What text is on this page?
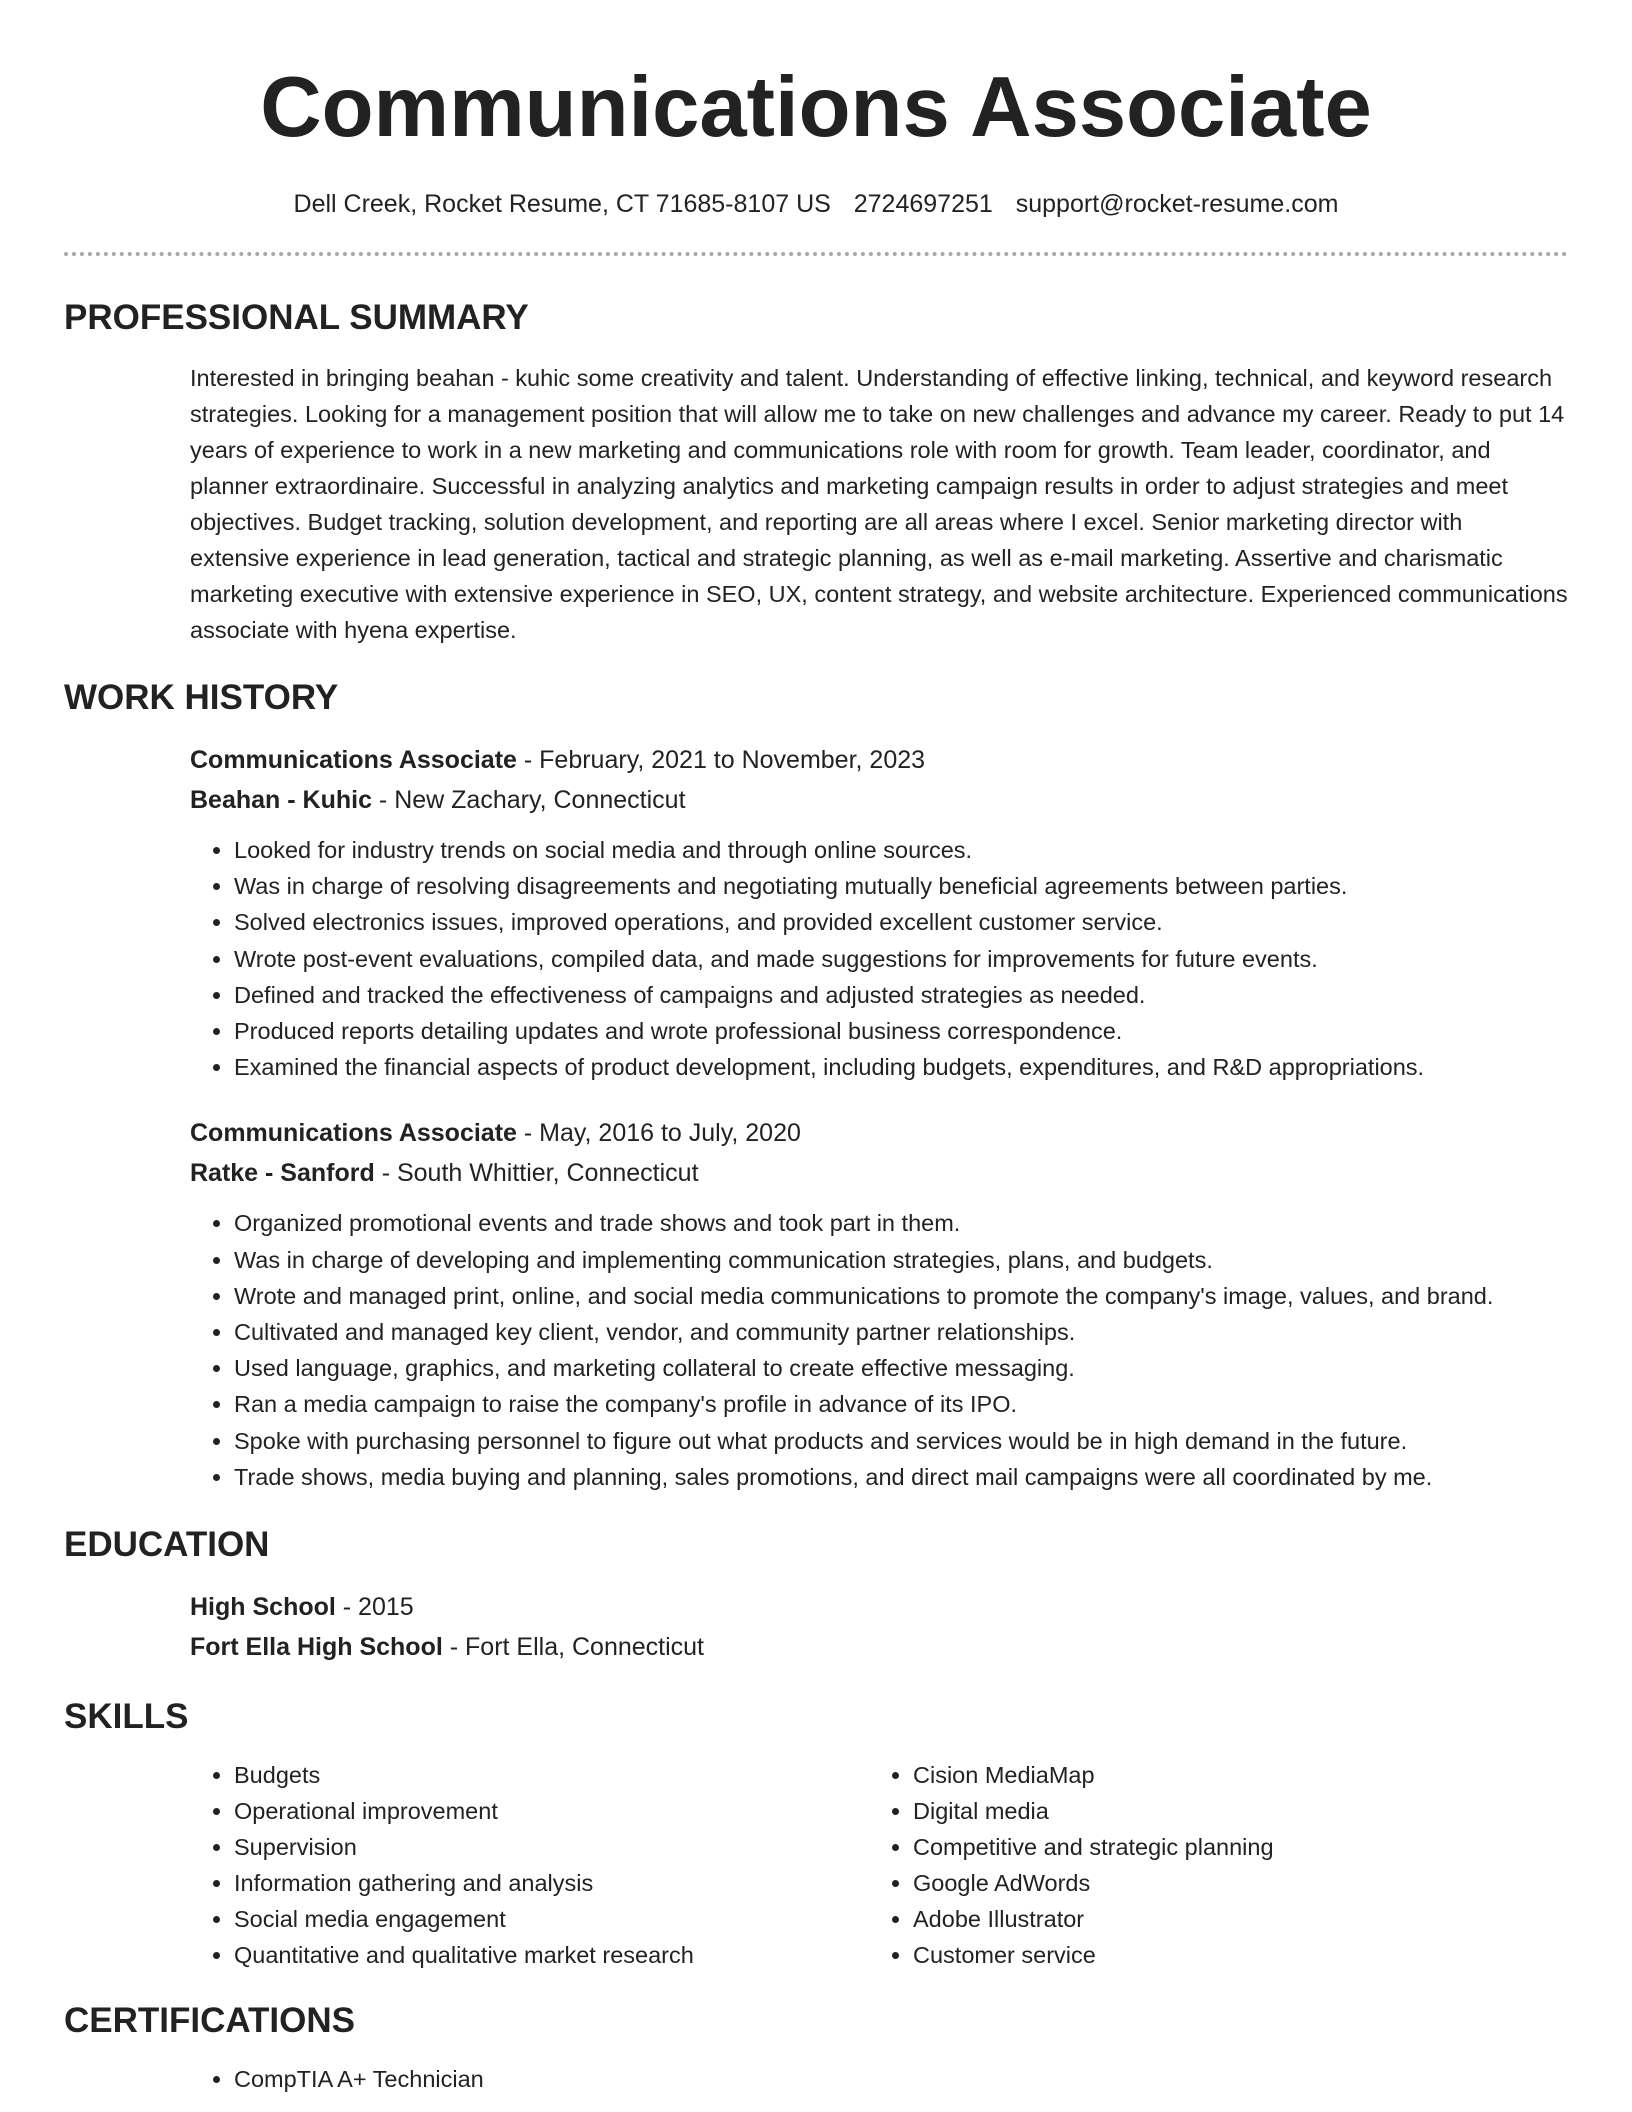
Communications Associate
Dell Creek, Rocket Resume, CT 71685-8107 US 2724697251 support@rocket-resume.com
PROFESSIONAL SUMMARY

Interested in bringing beahan - kuhic some creativity and talent. Understanding of effective linking, technical, and keyword research strategies. Looking for a management position that will allow me to take on new challenges and advance my career. Ready to put 14 years of experience to work in a new marketing and communications role with room for growth. Team leader, coordinator, and planner extraordinaire. Successful in analyzing analytics and marketing campaign results in order to adjust strategies and meet objectives. Budget tracking, solution development, and reporting are all areas where I excel. Senior marketing director with extensive experience in lead generation, tactical and strategic planning, as well as e-mail marketing. Assertive and charismatic marketing executive with extensive experience in SEO, UX, content strategy, and website architecture. Experienced communications associate with hyena expertise.

WORK HISTORY
Communications Associate - February, 2021 to November, 2023
Beahan - Kuhic - New Zachary, Connecticut
• Looked for industry trends on social media and through online sources.
• Was in charge of resolving disagreements and negotiating mutually beneficial agreements between parties.
• Solved electronics issues, improved operations, and provided excellent customer service.
• Wrote post-event evaluations, compiled data, and made suggestions for improvements for future events.
• Defined and tracked the effectiveness of campaigns and adjusted strategies as needed.
• Produced reports detailing updates and wrote professional business correspondence.
• Examined the financial aspects of product development, including budgets, expenditures, and R&D appropriations.
Communications Associate - May, 2016 to July, 2020
Ratke - Sanford - South Whittier, Connecticut
• Organized promotional events and trade shows and took part in them.
• Was in charge of developing and implementing communication strategies, plans, and budgets.
• Wrote and managed print, online, and social media communications to promote the company's image, values, and brand.
• Cultivated and managed key client, vendor, and community partner relationships.
• Used language, graphics, and marketing collateral to create effective messaging.
• Ran a media campaign to raise the company's profile in advance of its IPO.
• Spoke with purchasing personnel to figure out what products and services would be in high demand in the future.
• Trade shows, media buying and planning, sales promotions, and direct mail campaigns were all coordinated by me.
EDUCATION
High School - 2015
Fort Ella High School - Fort Ella, Connecticut
SKILLS
• Budgets
• Operational improvement
• Supervision
• Information gathering and analysis
• Social media engagement
• Quantitative and qualitative market research
• Cision MediaMap
• Digital media
• Competitive and strategic planning
• Google AdWords
• Adobe Illustrator
• Customer service
CERTIFICATIONS
• CompTIA A+ Technician
